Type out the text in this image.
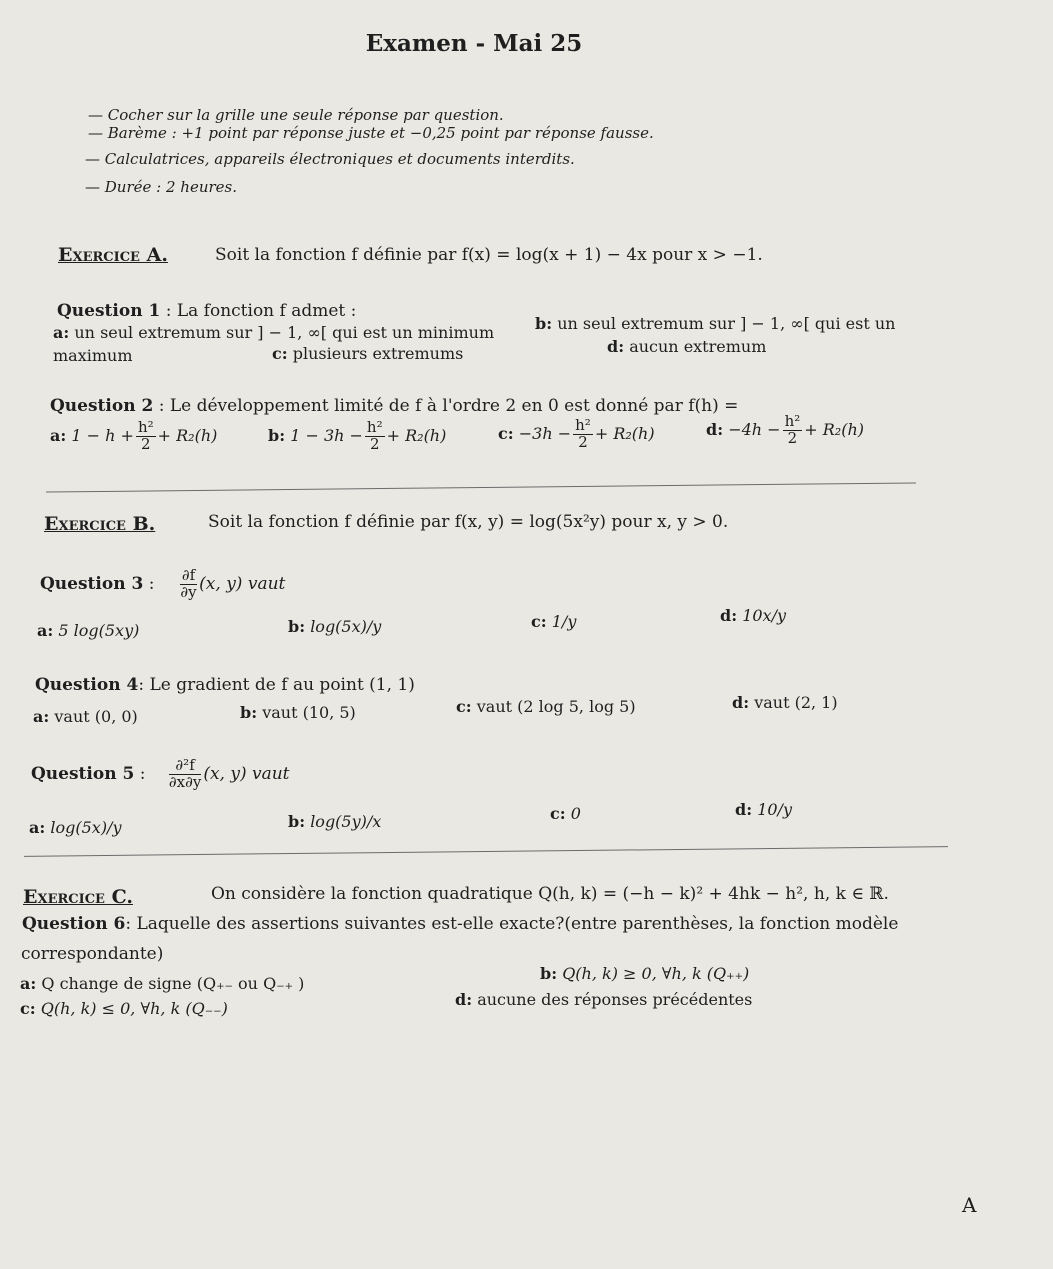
Examen - Mai 25
— Cocher sur la grille une seule réponse par question.
— Barème : +1 point par réponse juste et −0,25 point par réponse fausse.
— Calculatrices, appareils électroniques et documents interdits.
— Durée : 2 heures.
Exercice A.	Soit la fonction f définie par f(x) = log(x + 1) − 4x pour x > −1.
Question 1 : La fonction f admet :
a: un seul extremum sur ] − 1, ∞[ qui est un minimum	b: un seul extremum sur ] − 1, ∞[ qui est un
maximum	c: plusieurs extremums	d: aucun extremum
Question 2 : Le développement limité de f à l'ordre 2 en 0 est donné par f(h) =
a: $1 - h + \frac{\text{h²}}{2} + R_2(h)$	b: $1 - 3h - \frac{\text{h²}}{2} + R_2(h)$	c: $-3h - \frac{\text{h²}}{2} + R_2(h)$	d: $-4h - \frac{\text{h²}}{2} + R_2(h)$
Exercice B.	Soit la fonction f définie par f(x, y) = log(5x²y) pour x, y > 0.
Question 3 : $\frac{\partial f}{\partial y} (x$, y) vaut
a: 5 log(5xy)	b: log(5x)/y	c: 1/y	d: 10x/y
Question 4: Le gradient de f au point (1, 1)
a: vaut (0, 0)	b: vaut (10, 5)	c: vaut (2 log 5, log 5)	d: vaut (2, 1)
Question 5 : $\frac{\text{∂²f}}{\partial x\partial y} (x$, y) vaut
a: log(5x)/y	b: log(5y)/x	c: 0	d: 10/y
Exercice C.	On considère la fonction quadratique Q(h, k) = (−h − k)² + 4hk − h², h, k ∈ ℝ.
Question 6: Laquelle des assertions suivantes est-elle exacte?(entre parenthèses, la fonction modèle
correspondante)
a: Q change de signe (Q₊₋ ou Q₋₊ )
b: Q(h, k) ≥ 0, ∀h, k (Q₊₊)
c: Q(h, k) ≤ 0, ∀h, k (Q₋₋)	d: aucune des réponses précédentes
A
